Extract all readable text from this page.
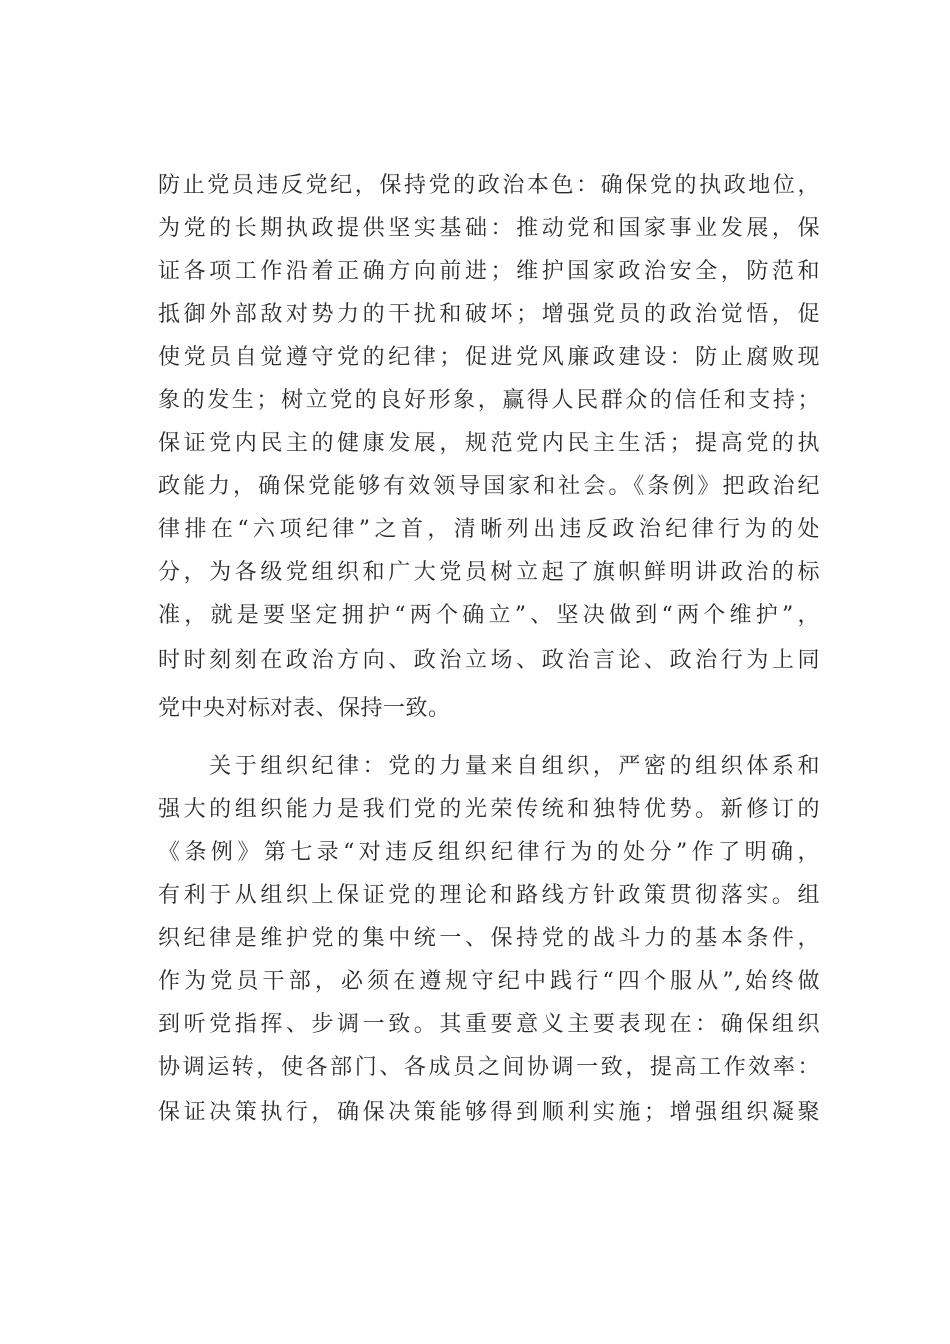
防止党员违反党纪，保持党的政治本色：确保党的执政地位，
为党的长期执政提供坚实基础：推动党和国家事业发展，保
证各项工作沿着正确方向前进；维护国家政治安全，防范和
抵御外部敌对势力的干扰和破坏；增强党员的政治觉悟，促
使党员自觉遵守党的纪律；促进党风廉政建设：防止腐败现
象的发生；树立党的良好形象，赢得人民群众的信任和支持；
保证党内民主的健康发展，规范党内民主生活；提高党的执
政能力，确保党能够有效领导国家和社会。《条例》把政治纪
律排在“六项纪律”之首，清晰列出违反政治纪律行为的处
分，为各级党组织和广大党员树立起了旗帜鲜明讲政治的标
准，就是要坚定拥护“两个确立”、坚决做到“两个维护”，
时时刻刻在政治方向、政治立场、政治言论、政治行为上同
党中央对标对表、保持一致。
　　关于组织纪律：党的力量来自组织，严密的组织体系和
强大的组织能力是我们党的光荣传统和独特优势。新修订的
《条例》第七录“对违反组织纪律行为的处分”作了明确，
有利于从组织上保证党的理论和路线方针政策贯彻落实。组
织纪律是维护党的集中统一、保持党的战斗力的基本条件，
作为党员干部，必须在遵规守纪中践行“四个服从”,始终做
到听党指挥、步调一致。其重要意义主要表现在：确保组织
协调运转，使各部门、各成员之间协调一致，提高工作效率：
保证决策执行，确保决策能够得到顺利实施；增强组织凝聚
